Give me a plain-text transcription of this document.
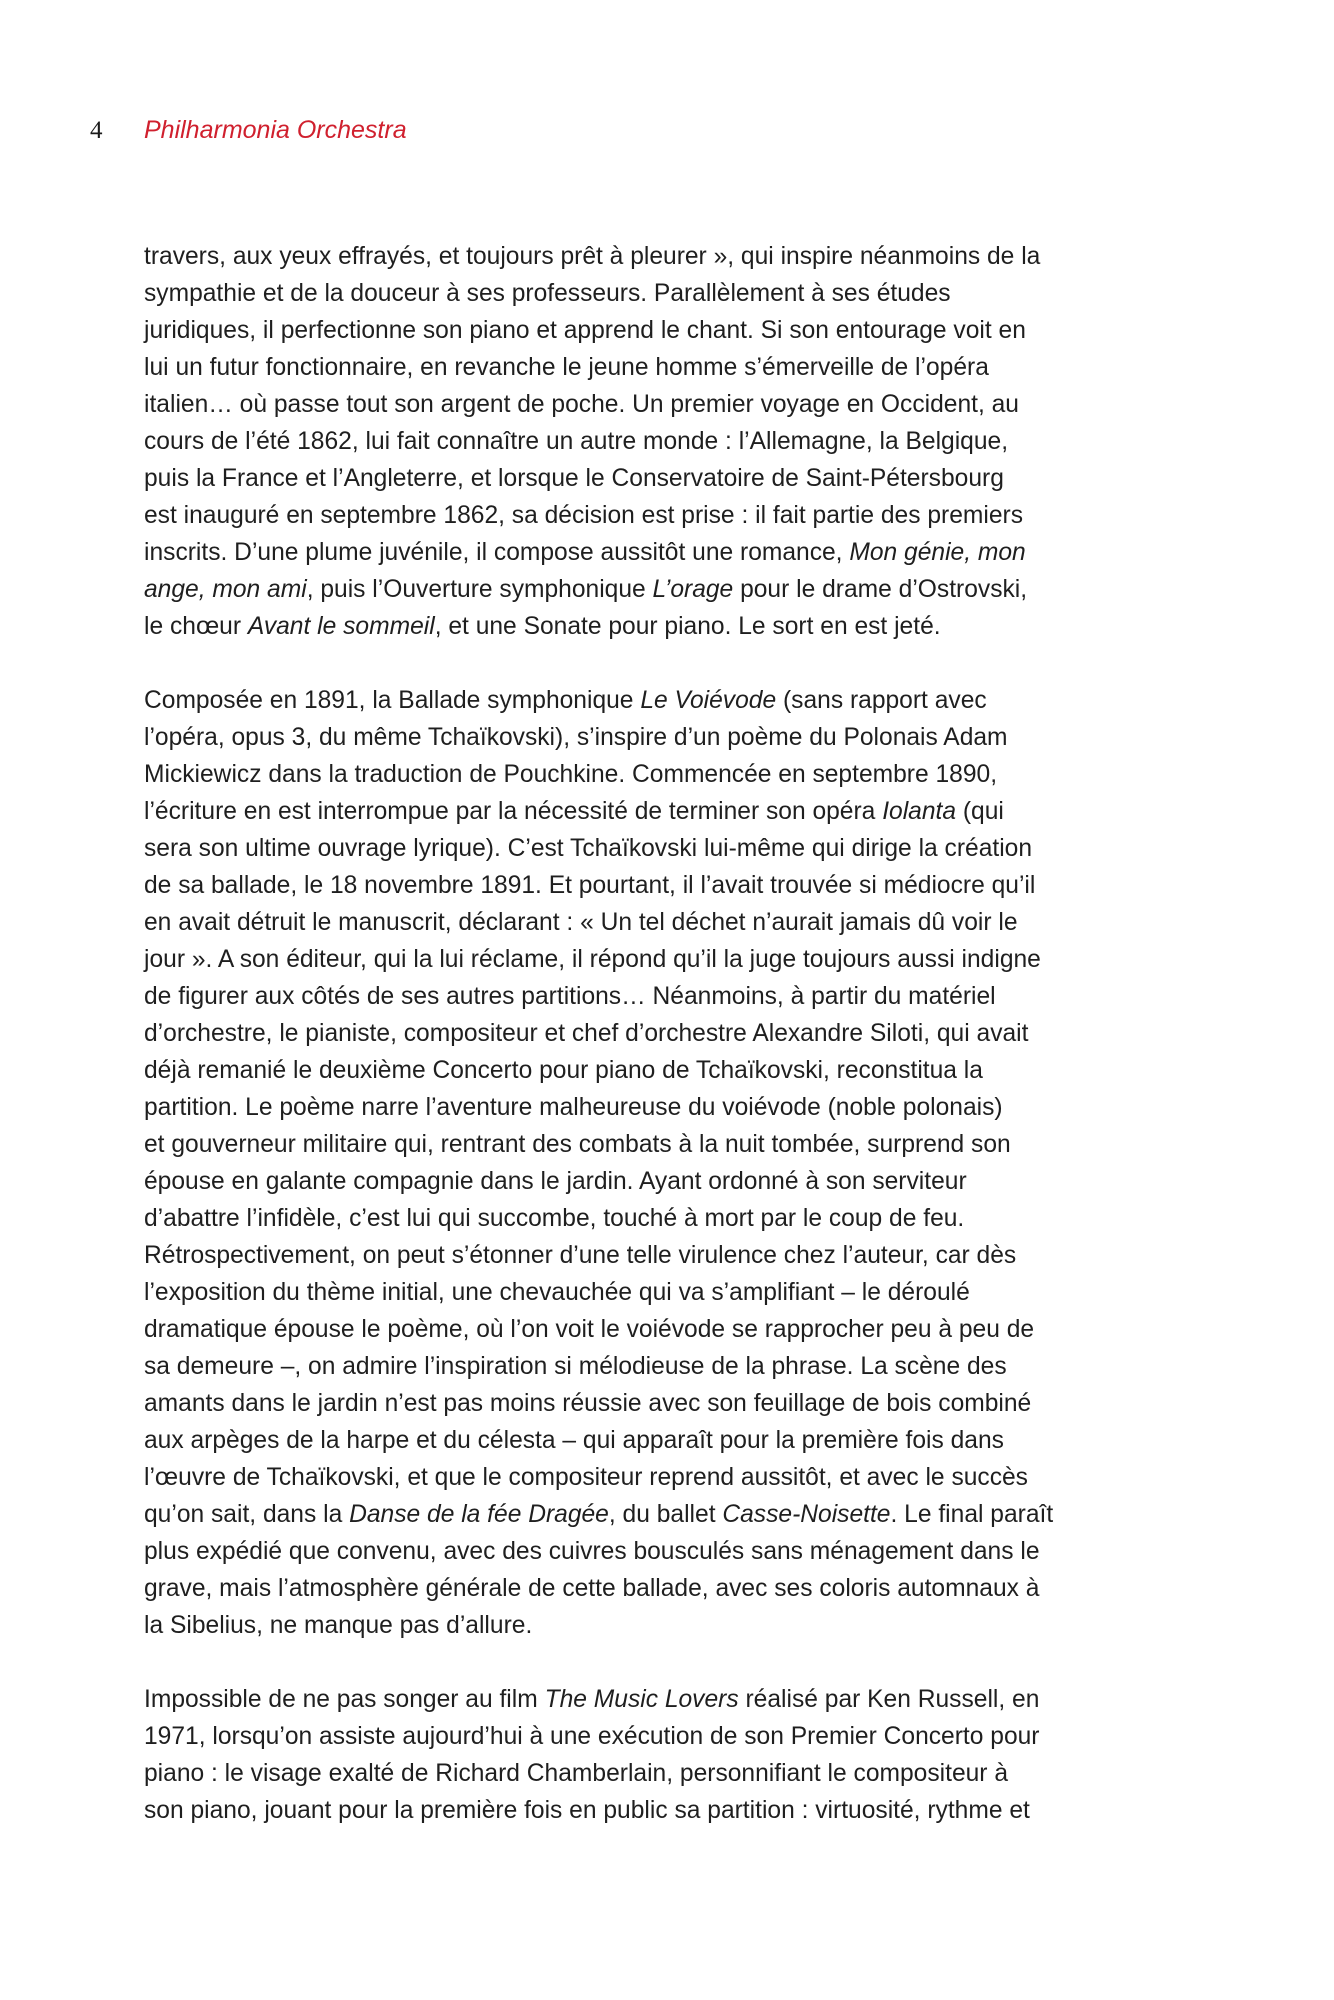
4	Philharmonia Orchestra
travers, aux yeux effrayés, et toujours prêt à pleurer », qui inspire néanmoins de la
sympathie et de la douceur à ses professeurs. Parallèlement à ses études
juridiques, il perfectionne son piano et apprend le chant. Si son entourage voit en
lui un futur fonctionnaire, en revanche le jeune homme s’émerveille de l’opéra
italien… où passe tout son argent de poche. Un premier voyage en Occident, au
cours de l’été 1862, lui fait connaître un autre monde : l’Allemagne, la Belgique,
puis la France et l’Angleterre, et lorsque le Conservatoire de Saint-Pétersbourg
est inauguré en septembre 1862, sa décision est prise : il fait partie des premiers
inscrits. D’une plume juvénile, il compose aussitôt une romance, Mon génie, mon
ange, mon ami, puis l’Ouverture symphonique L’orage pour le drame d’Ostrovski,
le chœur Avant le sommeil, et une Sonate pour piano. Le sort en est jeté.
Composée en 1891, la Ballade symphonique Le Voiévode (sans rapport avec
l’opéra, opus 3, du même Tchaïkovski), s’inspire d’un poème du Polonais Adam
Mickiewicz dans la traduction de Pouchkine. Commencée en septembre 1890,
l’écriture en est interrompue par la nécessité de terminer son opéra Iolanta (qui
sera son ultime ouvrage lyrique). C’est Tchaïkovski lui-même qui dirige la création
de sa ballade, le 18 novembre 1891. Et pourtant, il l’avait trouvée si médiocre qu’il
en avait détruit le manuscrit, déclarant : « Un tel déchet n’aurait jamais dû voir le
jour ». A son éditeur, qui la lui réclame, il répond qu’il la juge toujours aussi indigne
de figurer aux côtés de ses autres partitions… Néanmoins, à partir du matériel
d’orchestre, le pianiste, compositeur et chef d’orchestre Alexandre Siloti, qui avait
déjà remanié le deuxième Concerto pour piano de Tchaïkovski, reconstitua la
partition. Le poème narre l’aventure malheureuse du voiévode (noble polonais)
et gouverneur militaire qui, rentrant des combats à la nuit tombée, surprend son
épouse en galante compagnie dans le jardin. Ayant ordonné à son serviteur
d’abattre l’infidèle, c’est lui qui succombe, touché à mort par le coup de feu.
Rétrospectivement, on peut s’étonner d’une telle virulence chez l’auteur, car dès
l’exposition du thème initial, une chevauchée qui va s’amplifiant – le déroulé
dramatique épouse le poème, où l’on voit le voiévode se rapprocher peu à peu de
sa demeure –, on admire l’inspiration si mélodieuse de la phrase. La scène des
amants dans le jardin n’est pas moins réussie avec son feuillage de bois combiné
aux arpèges de la harpe et du célesta – qui apparaît pour la première fois dans
l’œuvre de Tchaïkovski, et que le compositeur reprend aussitôt, et avec le succès
qu’on sait, dans la Danse de la fée Dragée, du ballet Casse-Noisette. Le final paraît
plus expédié que convenu, avec des cuivres bousculés sans ménagement dans le
grave, mais l’atmosphère générale de cette ballade, avec ses coloris automnaux à
la Sibelius, ne manque pas d’allure.
Impossible de ne pas songer au film The Music Lovers réalisé par Ken Russell, en
1971, lorsqu’on assiste aujourd’hui à une exécution de son Premier Concerto pour
piano : le visage exalté de Richard Chamberlain, personnifiant le compositeur à
son piano, jouant pour la première fois en public sa partition : virtuosité, rythme et
